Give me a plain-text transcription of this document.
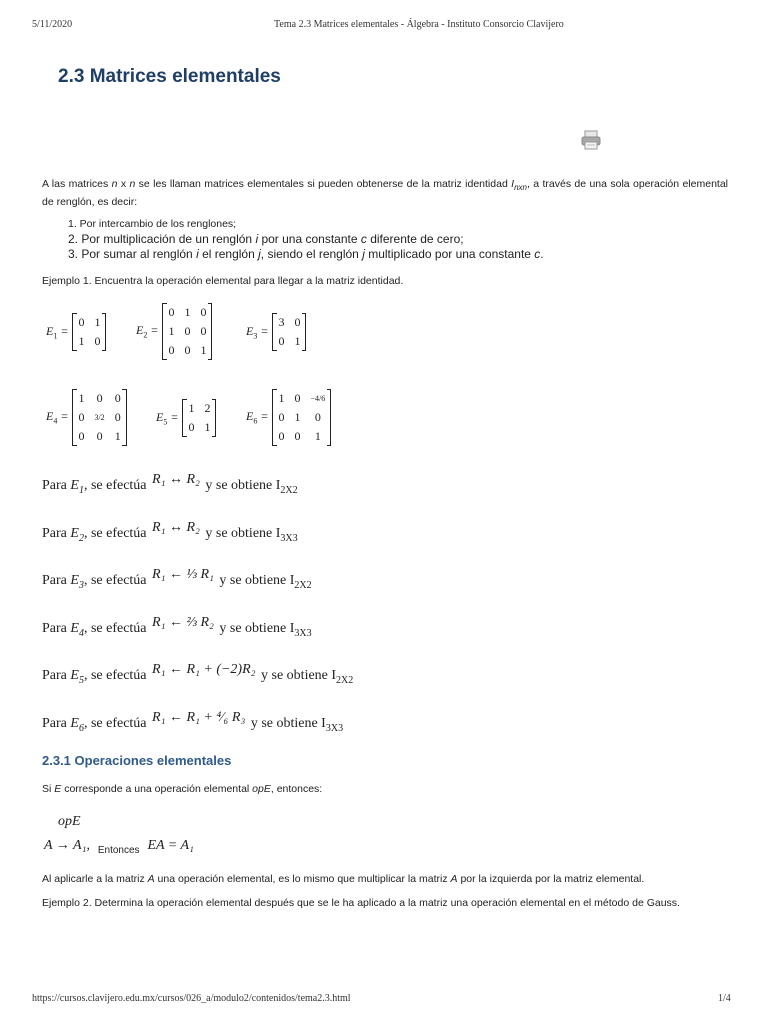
5/11/2020	Tema 2.3 Matrices elementales - Álgebra - Instituto Consorcio Clavijero
2.3 Matrices elementales
A las matrices n x n se les llaman matrices elementales si pueden obtenerse de la matriz identidad $I_{nxn}$, a través de una sola operación elemental de renglón, es decir:
1. Por intercambio de los renglones;
2. Por multiplicación de un renglón i por una constante c diferente de cero;
3. Por sumar al renglón i el renglón j, siendo el renglón j multiplicado por una constante c.
Ejemplo 1. Encuentra la operación elemental para llegar a la matriz identidad.
$E_1$ =
0	1
1	0

$E_2$ =
0	1	0
1	0	0
0	0	1

$E_3$ =
3	0
0	1

$E_4$ =
1	0	0
0	3/2	0
0	0	1

$E_5$ =
1	2
0	1

$E_6$ =
1	0	−4/6
0	1	0
0	0	1

Para $E_1$, se efectúa R₁ ↔ R₂ y se obtiene $I_{2X2}$
Para $E_2$, se efectúa R₁ ↔ R₂ y se obtiene $I_{3X3}$
Para $E_3$, se efectúa R₁ ← ⅓ R₁ y se obtiene $I_{2X2}$
Para $E_4$, se efectúa R₁ ← ⅔ R₂ y se obtiene $I_{3X3}$
Para $E_5$, se efectúa R₁ ← R₁ + (−2)R₂ y se obtiene $I_{2X2}$
Para $E_6$, se efectúa R₁ ← R₁ + ⁴⁄₆ R₃ y se obtiene $I_{3X3}$
2.3.1 Operaciones elementales
Si E corresponde a una operación elemental opE, entonces:
opE
A → A₁, $_{Entonces}$ EA = A₁
Al aplicarle a la matriz A una operación elemental, es lo mismo que multiplicar la matriz A por la izquierda por la matriz elemental.
Ejemplo 2. Determina la operación elemental después que se le ha aplicado a la matriz una operación elemental en el método de Gauss.
https://cursos.clavijero.edu.mx/cursos/026_a/modulo2/contenidos/tema2.3.html	1/4
